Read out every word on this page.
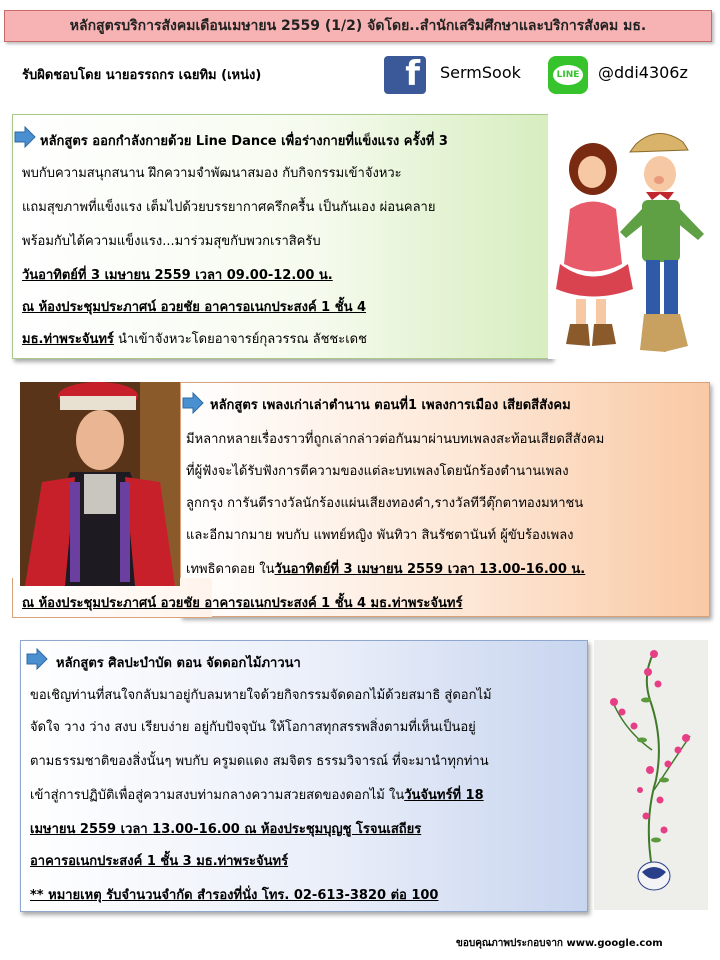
หลักสูตรบริการสังคมเดือนเมษายน 2559 (1/2) จัดโดย..สำนักเสริมศึกษาและบริการสังคม มธ.
รับผิดชอบโดย นายอรรถกร เฉยทิม (เหน่ง)	f	SermSook	LINE @ddi4306z
หลักสูตร ออกกำลังกายด้วย Line Dance เพื่อร่างกายที่แข็งแรง ครั้งที่ 3
พบกับความสนุกสนาน ฝึกความจำพัฒนาสมอง กับกิจกรรมเข้าจังหวะ
แถมสุขภาพที่แข็งแรง เต็มไปด้วยบรรยากาศครึกครื้น เป็นกันเอง ผ่อนคลาย
พร้อมกับได้ความแข็งแรง...มาร่วมสุขกับพวกเราสิครับ
วันอาทิตย์ที่ 3 เมษายน 2559 เวลา 09.00-12.00 น.
ณ ห้องประชุมประภาศน์ อวยชัย อาคารอเนกประสงค์ 1 ชั้น 4
มธ.ท่าพระจันทร์ นำเข้าจังหวะโดยอาจารย์กุลวรรณ ลัชชะเดช
หลักสูตร เพลงเก่าเล่าตำนาน ตอนที่1 เพลงการเมือง เสียดสีสังคม
มีหลากหลายเรื่องราวที่ถูกเล่ากล่าวต่อกันมาผ่านบทเพลงสะท้อนเสียดสีสังคม
ที่ผู้ฟังจะได้รับฟังการตีความของแต่ละบทเพลงโดยนักร้องตำนานเพลง
ลูกกรุง การันตีรางวัลนักร้องแผ่นเสียงทองคำ,รางวัลทีวีตุ๊กตาทองมหาชน
และอีกมากมาย พบกับ แพทย์หญิง พันทิวา สินรัชตานันท์ ผู้ขับร้องเพลง
เทพธิดาดอย ในวันอาทิตย์ที่ 3 เมษายน 2559 เวลา 13.00-16.00 น.
ณ ห้องประชุมประภาศน์ อวยชัย อาคารอเนกประสงค์ 1 ชั้น 4 มธ.ท่าพระจันทร์
หลักสูตร ศิลปะบำบัด ตอน จัดดอกไม้ภาวนา
ขอเชิญท่านที่สนใจกลับมาอยู่กับลมหายใจด้วยกิจกรรมจัดดอกไม้ด้วยสมาธิ สู่ดอกไม้
จัดใจ วาง ว่าง สงบ เรียบง่าย อยู่กับปัจจุบัน ให้โอกาสทุกสรรพสิ่งตามที่เห็นเป็นอยู่
ตามธรรมชาติของสิ่งนั้นๆ พบกับ ครูมดแดง สมจิตร ธรรมวิจารณ์ ที่จะมานำทุกท่าน
เข้าสู่การปฏิบัติเพื่อสู่ความสงบท่ามกลางความสวยสดของดอกไม้ ในวันจันทร์ที่ 18
เมษายน 2559 เวลา 13.00-16.00 ณ ห้องประชุมบุญชู โรจนเสถียร
อาคารอเนกประสงค์ 1 ชั้น 3 มธ.ท่าพระจันทร์
** หมายเหตุ รับจำนวนจำกัด สำรองที่นั่ง โทร. 02-613-3820 ต่อ 100
ขอบคุณภาพประกอบจาก www.google.com
